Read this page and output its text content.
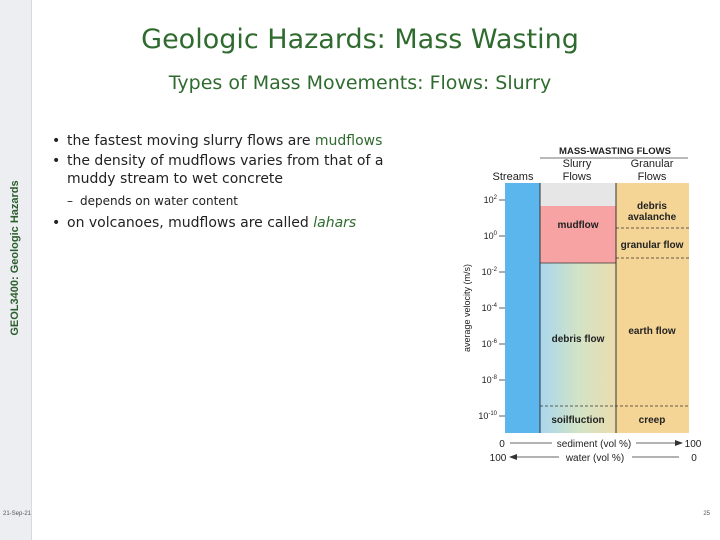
GEOL3400: Geologic Hazards
Geologic Hazards: Mass Wasting
Types of Mass Movements: Flows: Slurry
• the fastest moving slurry flows are mudflows
• the density of mudflows varies from that of a
muddy stream to wet concrete
– depends on water content
• on volcanoes, mudflows are called lahars
MASS-WASTING FLOWS
Streams
Slurry
Flows
Granular
Flows
mudflow
debris
avalanche
granular flow
debris flow
earth flow
soilfluction	creep
average velocity (m/s)
$10^2$
$10^0$
$10^{-2}$
$10^{-4}$
$10^{-6}$
$10^{-8}$
$10^{-10}$
0	sediment (vol %)	100
100	water (vol %)	0
21-Sep-21	25
